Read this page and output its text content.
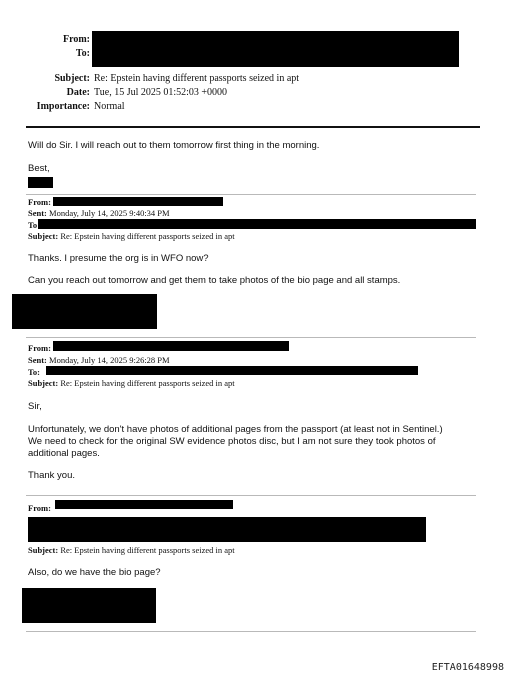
From:
To:
Subject: Re: Epstein having different passports seized in apt
Date: Tue, 15 Jul 2025 01:52:03 +0000
Importance: Normal
Will do Sir. I will reach out to them tomorrow first thing in the morning.
Best,
From:
Sent: Monday, July 14, 2025 9:40:34 PM
To
Subject: Re: Epstein having different passports seized in apt
Thanks. I presume the org is in WFO now?
Can you reach out tomorrow and get them to take photos of the bio page and all stamps.
From:
Sent: Monday, July 14, 2025 9:26:28 PM
To:
Subject: Re: Epstein having different passports seized in apt
Sir,
Unfortunately, we don't have photos of additional pages from the passport (at least not in Sentinel.)
We need to check for the original SW evidence photos disc, but I am not sure they took photos of
additional pages.
Thank you.
From:
Subject: Re: Epstein having different passports seized in apt
Also, do we have the bio page?
EFTA01648998
